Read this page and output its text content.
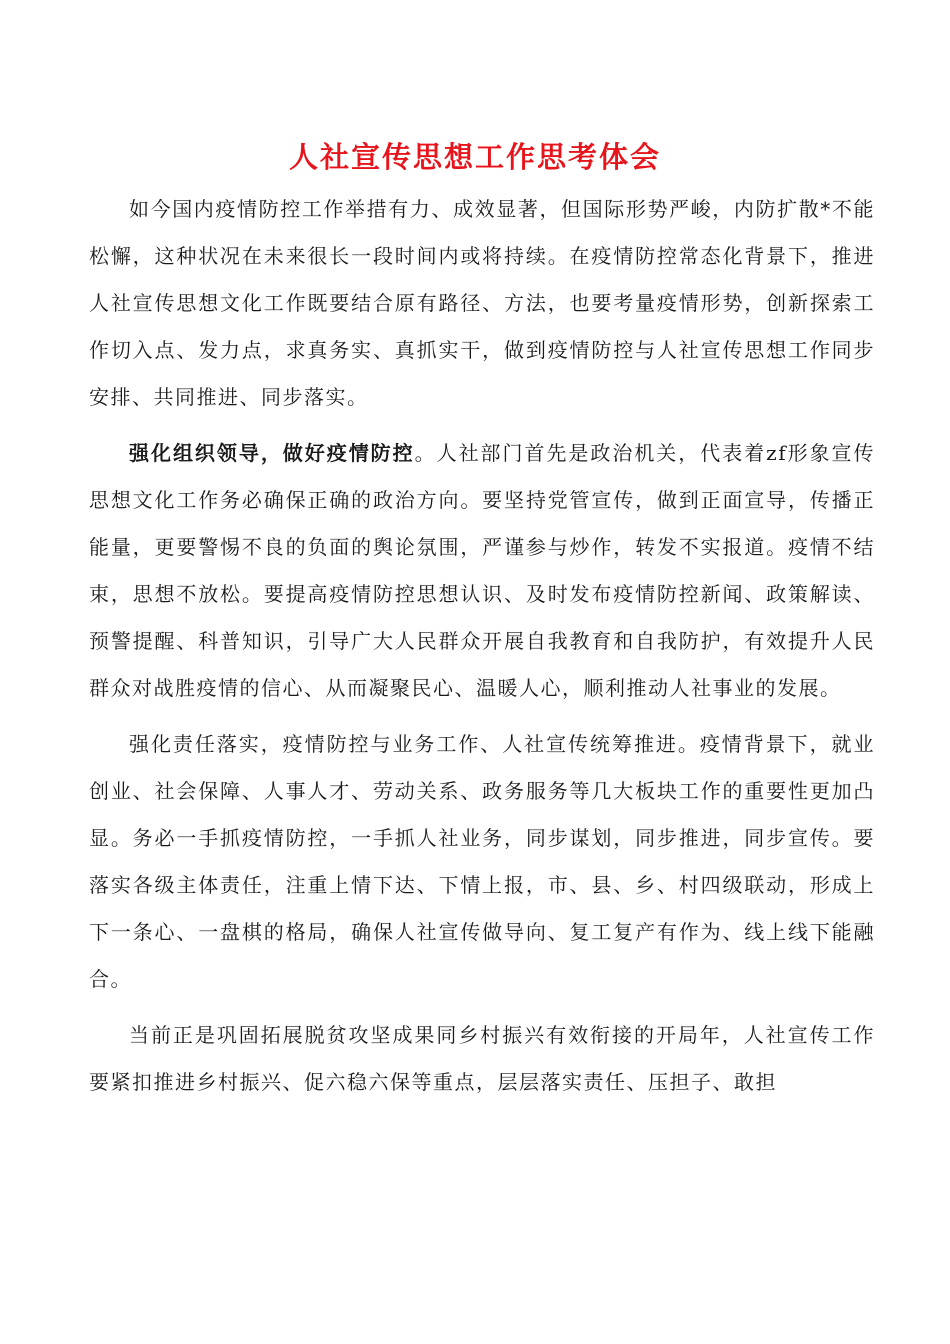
人社宣传思想工作思考体会

如今国内疫情防控工作举措有力、成效显著，但国际形势严峻，内防扩散*不能松懈，这种状况在未来很长一段时间内或将持续。在疫情防控常态化背景下，推进人社宣传思想文化工作既要结合原有路径、方法，也要考量疫情形势，创新探索工作切入点、发力点，求真务实、真抓实干，做到疫情防控与人社宣传思想工作同步安排、共同推进、同步落实。

强化组织领导，做好疫情防控。人社部门首先是政治机关，代表着zf形象宣传思想文化工作务必确保正确的政治方向。要坚持党管宣传，做到正面宣导，传播正能量，更要警惕不良的负面的舆论氛围，严谨参与炒作，转发不实报道。疫情不结束，思想不放松。要提高疫情防控思想认识、及时发布疫情防控新闻、政策解读、预警提醒、科普知识，引导广大人民群众开展自我教育和自我防护，有效提升人民群众对战胜疫情的信心、从而凝聚民心、温暖人心，顺利推动人社事业的发展。

强化责任落实，疫情防控与业务工作、人社宣传统筹推进。疫情背景下，就业创业、社会保障、人事人才、劳动关系、政务服务等几大板块工作的重要性更加凸显。务必一手抓疫情防控，一手抓人社业务，同步谋划，同步推进，同步宣传。要落实各级主体责任，注重上情下达、下情上报，市、县、乡、村四级联动，形成上下一条心、一盘棋的格局，确保人社宣传做导向、复工复产有作为、线上线下能融合。

当前正是巩固拓展脱贫攻坚成果同乡村振兴有效衔接的开局年，人社宣传工作要紧扣推进乡村振兴、促六稳六保等重点，层层落实责任、压担子、敢担
